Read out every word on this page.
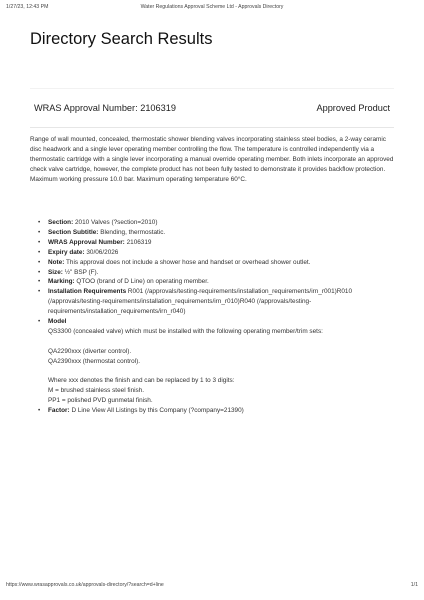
1/27/23, 12:43 PM	Water Regulations Approval Scheme Ltd - Approvals Directory
Directory Search Results
WRAS Approval Number: 2106319	Approved Product

Range of wall mounted, concealed, thermostatic shower blending valves incorporating stainless steel bodies, a 2-way ceramic disc headwork and a single lever operating member controlling the flow. The temperature is controlled independently via a thermostatic cartridge with a single lever incorporating a manual override operating member. Both inlets incorporate an approved check valve cartridge, however, the complete product has not been fully tested to demonstrate it provides backflow protection. Maximum working pressure 10.0 bar. Maximum operating temperature 60°C.

• Section: 2010 Valves (?section=2010)
• Section Subtitle: Blending, thermostatic.
• WRAS Approval Number: 2106319
• Expiry date: 30/06/2026
• Note: This approval does not include a shower hose and handset or overhead shower outlet.
• Size: ½" BSP (F).
• Marking: QTOO (brand of D Line) on operating member.
• Installation Requirements R001 (/approvals/testing-requirements/installation_requirements/irn_r001)R010 (/approvals/testing-requirements/installation_requirements/irn_r010)R040 (/approvals/testing-requirements/installation_requirements/irn_r040)
• Model
QS3300 (concealed valve) which must be installed with the following operating member/trim sets:
QA2290xxx (diverter control).
QA2390xxx (thermostat control).
Where xxx denotes the finish and can be replaced by 1 to 3 digits:
M = brushed stainless steel finish.
PP1 = polished PVD gunmetal finish.
• Factor: D Line View All Listings by this Company (?company=21390)
https://www.wrasapprovals.co.uk/approvals-directory/?search=d+line	1/1
